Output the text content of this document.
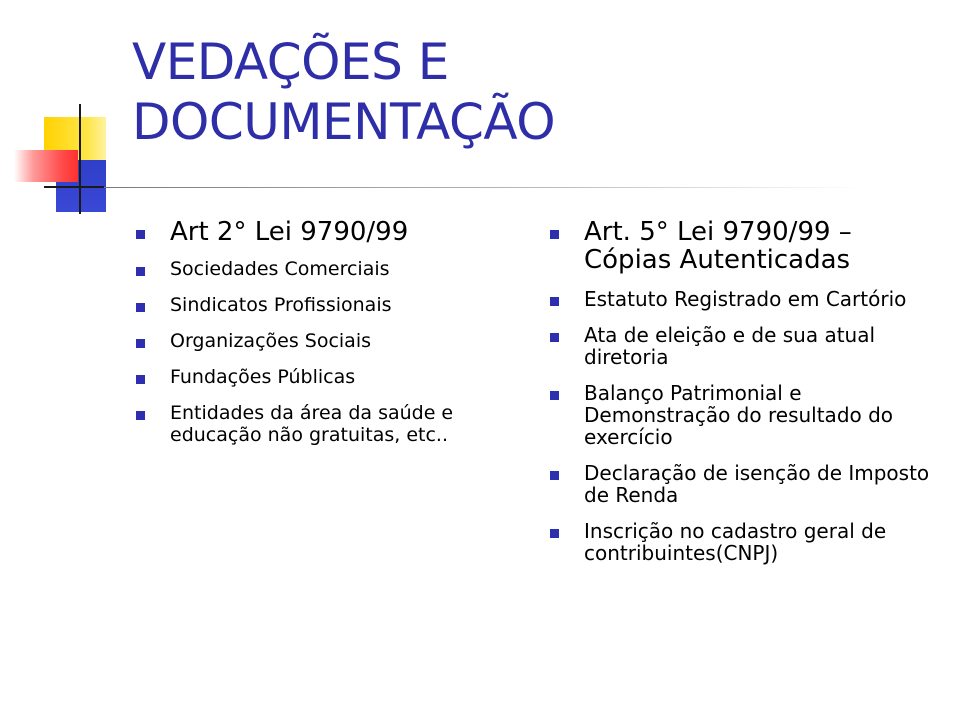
VEDAÇÕES E
DOCUMENTAÇÃO
Art 2° Lei 9790/99
Sociedades Comerciais
Sindicatos Profissionais
Organizações Sociais
Fundações Públicas
Entidades da área da saúde e educação não gratuitas, etc..
Art. 5° Lei 9790/99 – Cópias Autenticadas
Estatuto Registrado em Cartório
Ata de eleição e de sua atual diretoria
Balanço Patrimonial e Demonstração do resultado do exercício
Declaração de isenção de Imposto de Renda
Inscrição no cadastro geral de contribuintes(CNPJ)
